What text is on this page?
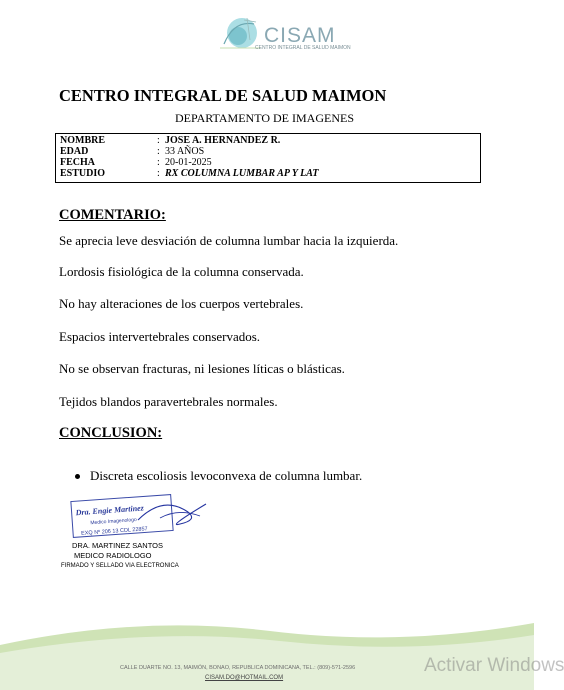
CISAM
CENTRO INTEGRAL DE SALUD MAIMON
CENTRO INTEGRAL DE SALUD MAIMON
DEPARTAMENTO DE IMAGENES
NOMBRE	: JOSE A. HERNANDEZ R.
EDAD	: 33 AÑOS
FECHA	: 20-01-2025
ESTUDIO	: RX COLUMNA LUMBAR AP Y LAT
COMENTARIO:
Se aprecia leve desviación de columna lumbar hacia la izquierda.
Lordosis fisiológica de la columna conservada.
No hay alteraciones de los cuerpos vertebrales.
Espacios intervertebrales conservados.
No se observan fracturas, ni lesiones líticas o blásticas.
Tejidos blandos paravertebrales normales.
CONCLUSION:
Discreta escoliosis levoconvexa de columna lumbar.
Dra. Engie Martinez
Medico Imagenologo
EXQ Nº 206 13 CDL 22857
DRA. MARTINEZ SANTOS
MEDICO RADIOLOGO
FIRMADO Y SELLADO VIA ELECTRONICA
CALLE DUARTE NO. 13, MAIMÓN, BONAO, REPUBLICA DOMINICANA, TEL.: (809)-5?1-2596
CISAM.DO@HOTMAIL.COM
Activar Windows
